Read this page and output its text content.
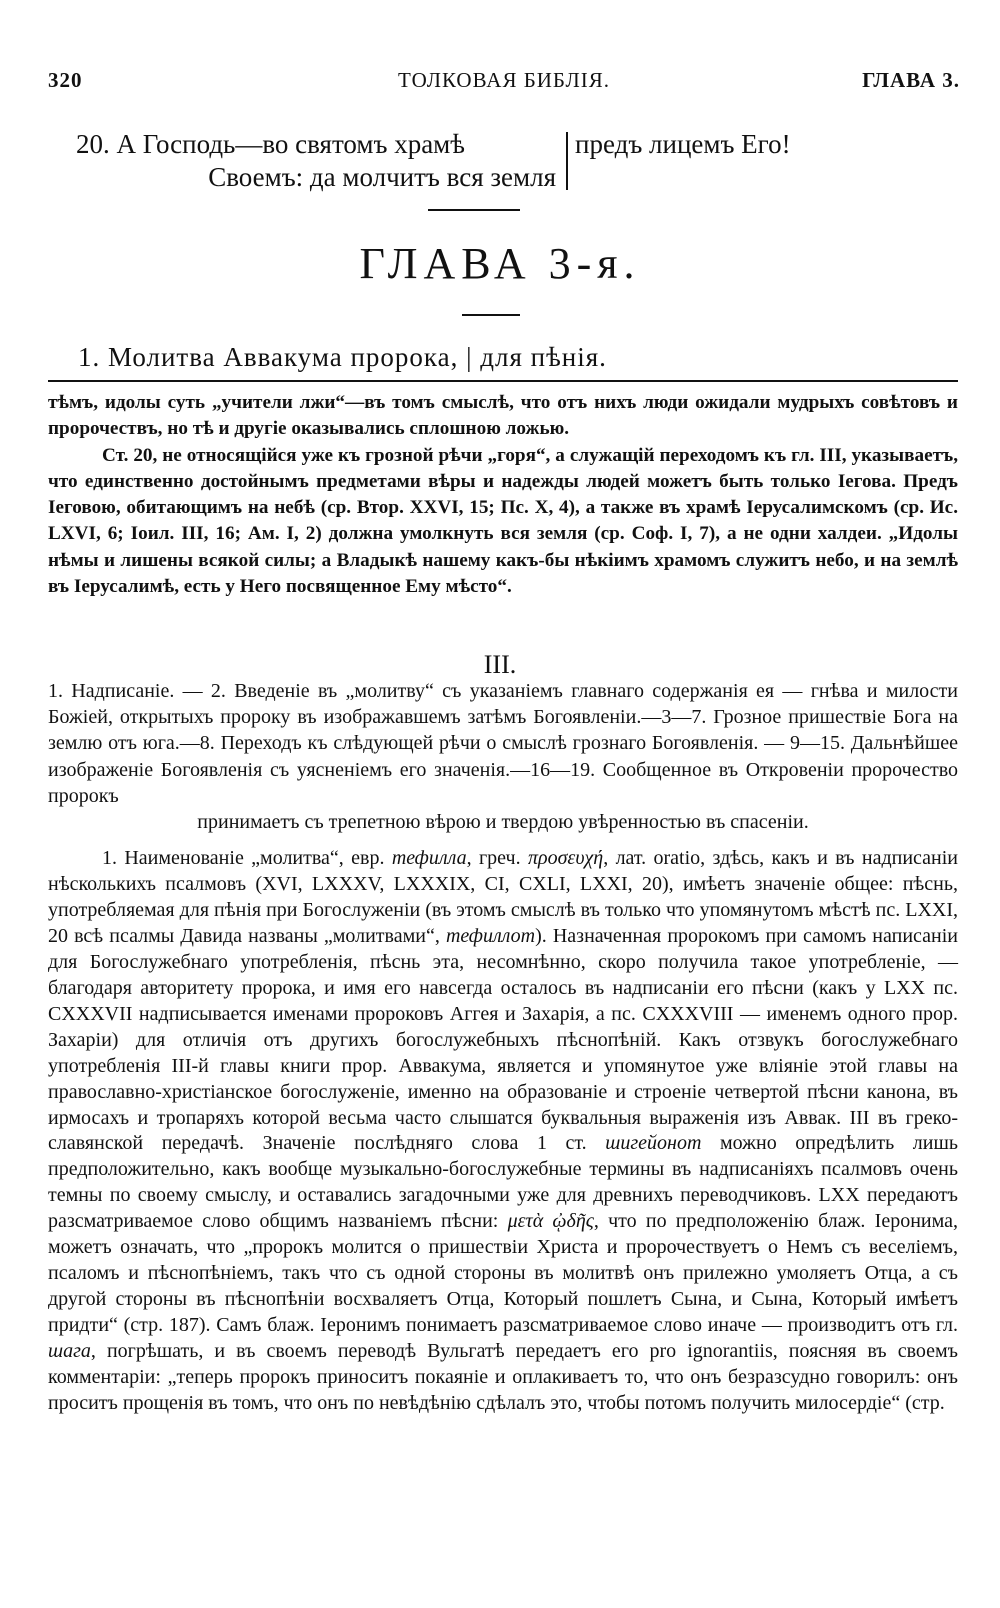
320	ТОЛКОВАЯ БИБЛІЯ.	ГЛАВА 3.
20. А Господь—во святомъ храмѣ
Своемъ: да молчитъ вся земля
предъ лицемъ Его!
ГЛАВА 3-я.
1. Молитва Аввакума пророка, | для пѣнія.

тѣмъ, идолы суть „учители лжи“—въ томъ смыслѣ, что отъ нихъ люди ожидали мудрыхъ совѣтовъ и пророчествъ, но тѣ и другіе оказывались сплошною ложью.

Ст. 20, не относящійся уже къ грозной рѣчи „горя“, а служащій переходомъ къ гл. III, указываетъ, что единственно достойнымъ предметами вѣры и надежды людей можетъ быть только Іегова. Предъ Іеговою, обитающимъ на небѣ (ср. Втор. XXVI, 15; Пс. X, 4), а также въ храмѣ Іерусалимскомъ (ср. Ис. LXVI, 6; Іоил. III, 16; Ам. I, 2) должна умолкнуть вся земля (ср. Соф. I, 7), а не одни халдеи. „Идолы нѣмы и лишены всякой силы; а Владыкѣ нашему какъ-бы нѣкіимъ храмомъ служитъ небо, и на землѣ въ Іерусалимѣ, есть у Него посвященное Ему мѣсто“.

III.

1. Надписаніе. — 2. Введеніе въ „молитву“ съ указаніемъ главнаго содержанія ея — гнѣва и милости Божіей, открытыхъ пророку въ изображавшемъ затѣмъ Богоявленіи.—3—7. Грозное пришествіе Бога на землю отъ юга.—8. Переходъ къ слѣдующей рѣчи о смыслѣ грознаго Богоявленія. — 9—15. Дальнѣйшее изображеніе Богоявленія съ уясненіемъ его значенія.—16—19. Сообщенное въ Откровеніи пророчество пророкъ

принимаетъ съ трепетною вѣрою и твердою увѣренностью въ спасеніи.

1. Наименованіе „молитва“, евр. тефилла, греч. προσευχή, лат. oratio, здѣсь, какъ и въ надписаніи нѣсколькихъ псалмовъ (XVI, LXXXV, LXXXIX, CI, CXLI, LXXI, 20), имѣетъ значеніе общее: пѣснь, употребляемая для пѣнія при Богослуженіи (въ этомъ смыслѣ въ только что упомянутомъ мѣстѣ пс. LXXI, 20 всѣ псалмы Давида названы „молитвами“, тефиллот). Назначенная пророкомъ при самомъ написаніи для Богослужебнаго употребленія, пѣснь эта, несомнѣнно, скоро получила такое употребленіе, — благодаря авторитету пророка, и имя его навсегда осталось въ надписаніи его пѣсни (какъ у LXX пс. CXXXVII надписывается именами пророковъ Аггея и Захарія, а пс. CXXXVIII — именемъ одного прор. Захаріи) для отличія отъ другихъ богослужебныхъ пѣснопѣній. Какъ отзвукъ богослужебнаго употребленія III-й главы книги прор. Аввакума, является и упомянутое уже вліяніе этой главы на православно-христіанское богослуженіе, именно на образованіе и строеніе четвертой пѣсни канона, въ ирмосахъ и тропаряхъ которой весьма часто слышатся буквальныя выраженія изъ Аввак. III въ греко-славянской передачѣ. Значеніе послѣдняго слова 1 ст. шигейонот можно опредѣлить лишь предположительно, какъ вообще музыкально-богослужебные термины въ надписаніяхъ псалмовъ очень темны по своему смыслу, и оставались загадочными уже для древнихъ переводчиковъ. LXX передаютъ разсматриваемое слово общимъ названіемъ пѣсни: μετὰ ᾠδῆς, что по предположенію блаж. Іеронима, можетъ означать, что „пророкъ молится о пришествіи Христа и пророчествуетъ о Немъ съ веселіемъ, псаломъ и пѣснопѣніемъ, такъ что съ одной стороны въ молитвѣ онъ прилежно умоляетъ Отца, а съ другой стороны въ пѣснопѣніи восхваляетъ Отца, Который пошлетъ Сына, и Сына, Который имѣетъ придти“ (стр. 187). Самъ блаж. Іеронимъ понимаетъ разсматриваемое слово иначе — производитъ отъ гл. шага, погрѣшать, и въ своемъ переводѣ Вульгатѣ передаетъ его pro ignorantiis, поясняя въ своемъ комментаріи: „теперь пророкъ приноситъ покаяніе и оплакиваетъ то, что онъ безразсудно говорилъ: онъ проситъ прощенія въ томъ, что онъ по невѣдѣнію сдѣлалъ это, чтобы потомъ получить милосердіе“ (стр.
